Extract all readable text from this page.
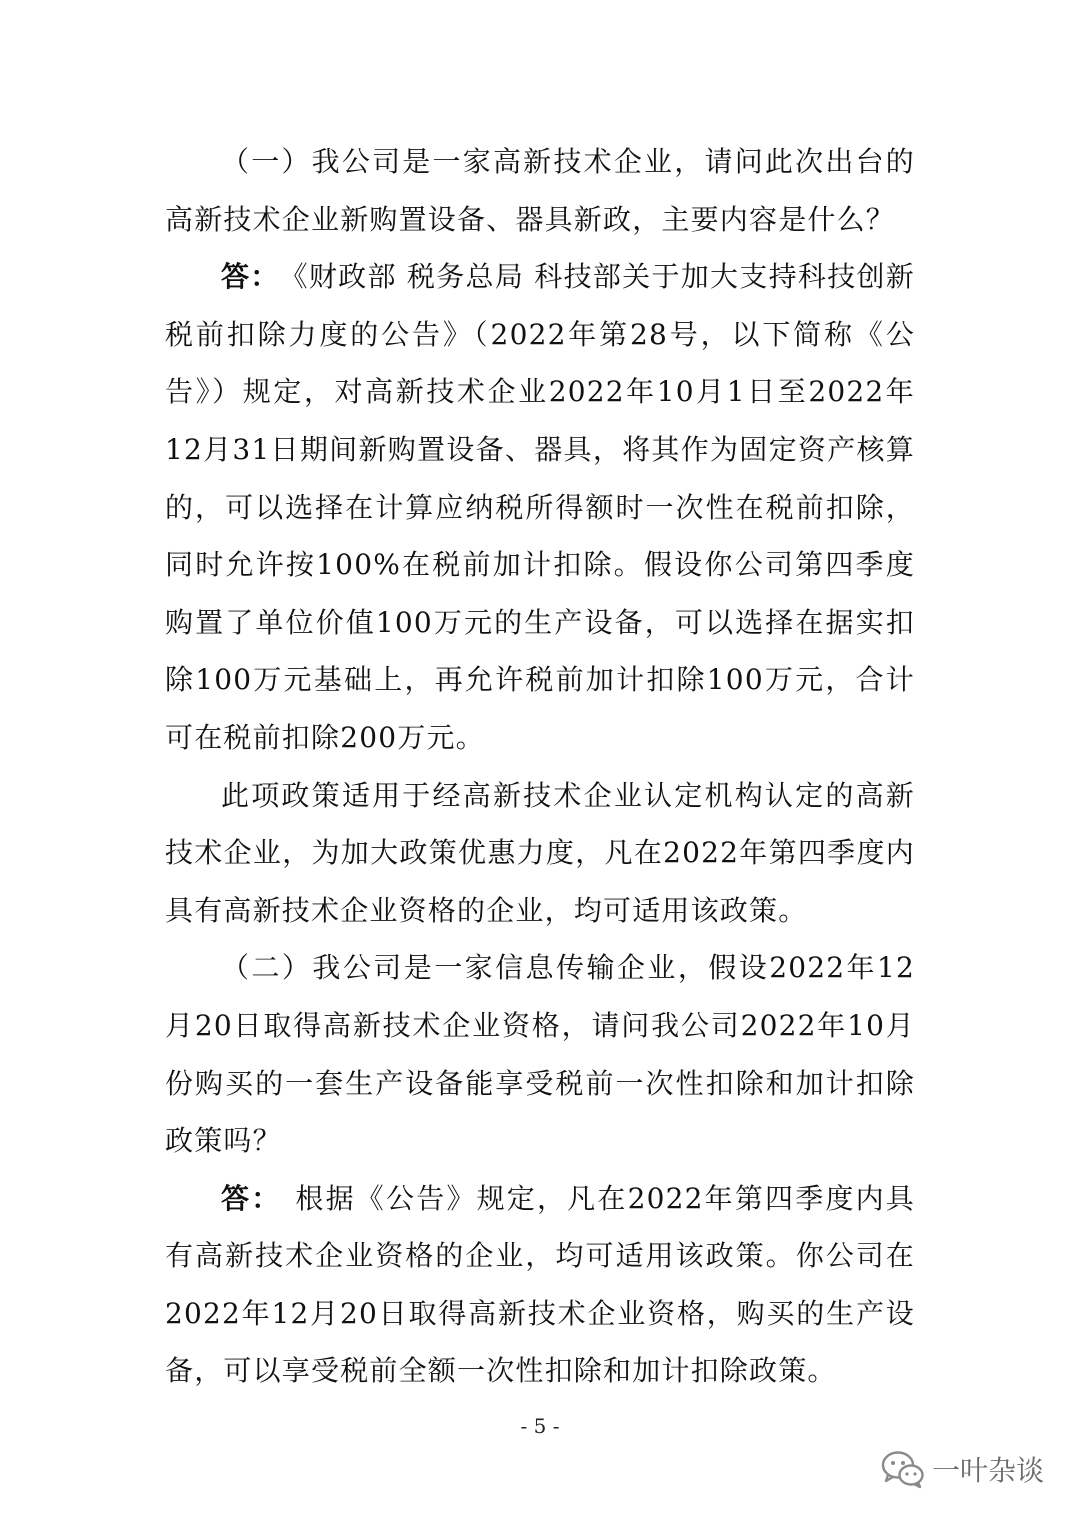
（一）我公司是一家高新技术企业，请问此次出台的高新技术企业新购置设备、器具新政，主要内容是什么？

答： 《财政部 税务总局 科技部关于加大支持科技创新税前扣除力度的公告》（2022年第28号，以下简称《公告》）规定，对高新技术企业2022年10月1日至2022年12月31日期间新购置设备、器具，将其作为固定资产核算的，可以选择在计算应纳税所得额时一次性在税前扣除，同时允许按100%在税前加计扣除。假设你公司第四季度购置了单位价值100万元的生产设备，可以选择在据实扣除100万元基础上，再允许税前加计扣除100万元，合计可在税前扣除200万元。

此项政策适用于经高新技术企业认定机构认定的高新技术企业，为加大政策优惠力度，凡在2022年第四季度内具有高新技术企业资格的企业，均可适用该政策。

（二）我公司是一家信息传输企业，假设2022年12月20日取得高新技术企业资格，请问我公司2022年10月份购买的一套生产设备能享受税前一次性扣除和加计扣除政策吗？

答： 根据《公告》规定，凡在2022年第四季度内具有高新技术企业资格的企业，均可适用该政策。你公司在2022年12月20日取得高新技术企业资格，购买的生产设备，可以享受税前全额一次性扣除和加计扣除政策。

- 5 -
一叶杂谈
